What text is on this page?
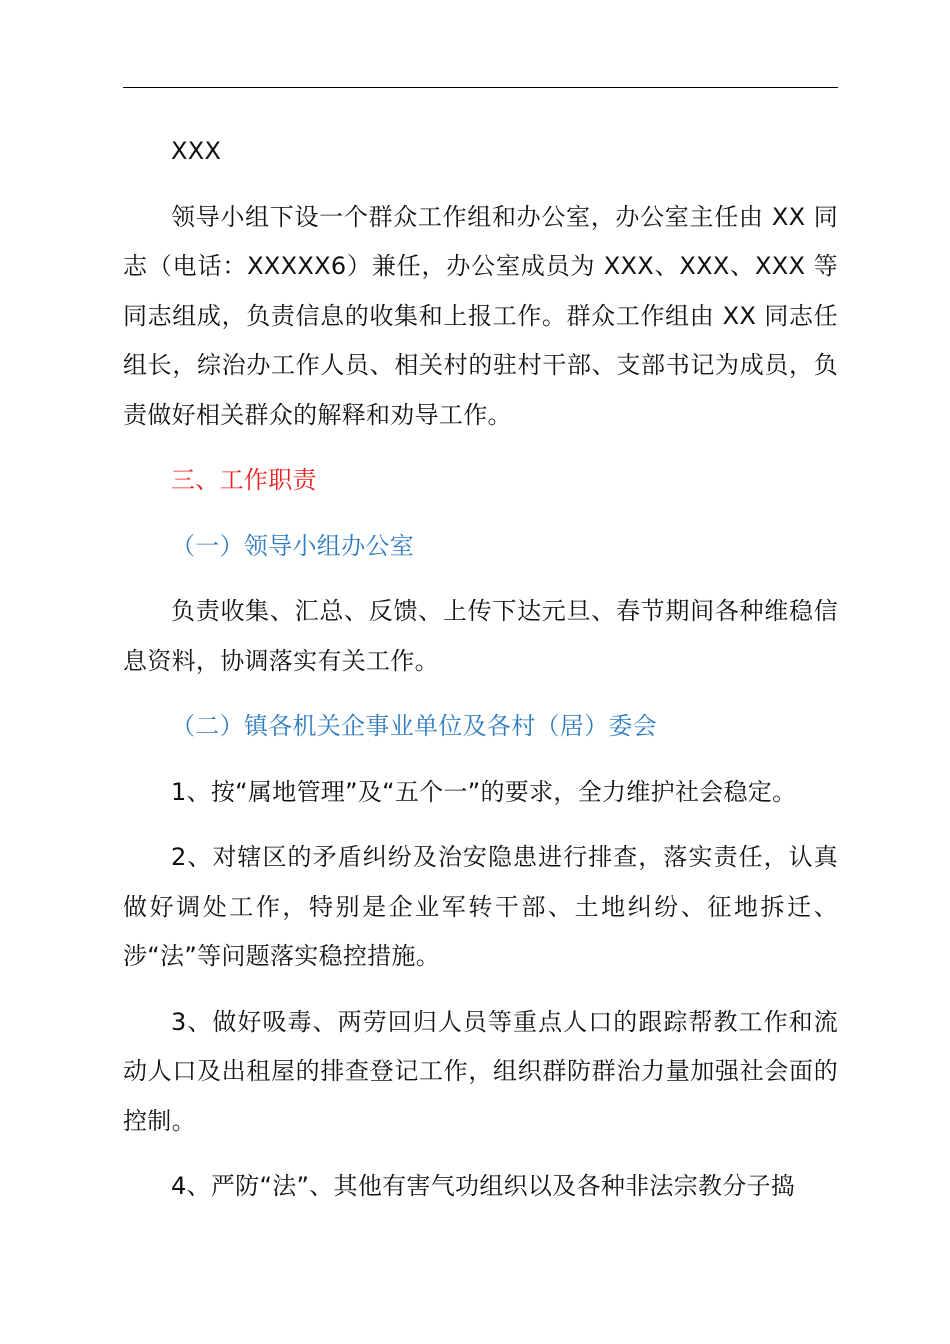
XXX

领导小组下设一个群众工作组和办公室，办公室主任由 XX 同志（电话：XXXXX6）兼任，办公室成员为 XXX、XXX、XXX 等同志组成，负责信息的收集和上报工作。群众工作组由 XX 同志任组长，综治办工作人员、相关村的驻村干部、支部书记为成员，负责做好相关群众的解释和劝导工作。

三、工作职责

（一）领导小组办公室

负责收集、汇总、反馈、上传下达元旦、春节期间各种维稳信息资料，协调落实有关工作。

（二）镇各机关企事业单位及各村（居）委会

1、按“属地管理”及“五个一”的要求，全力维护社会稳定。

2、对辖区的矛盾纠纷及治安隐患进行排查，落实责任，认真做好调处工作，特别是企业军转干部、土地纠纷、征地拆迁、涉“法”等问题落实稳控措施。

3、做好吸毒、两劳回归人员等重点人口的跟踪帮教工作和流动人口及出租屋的排查登记工作，组织群防群治力量加强社会面的控制。

4、严防“法”、其他有害气功组织以及各种非法宗教分子捣
